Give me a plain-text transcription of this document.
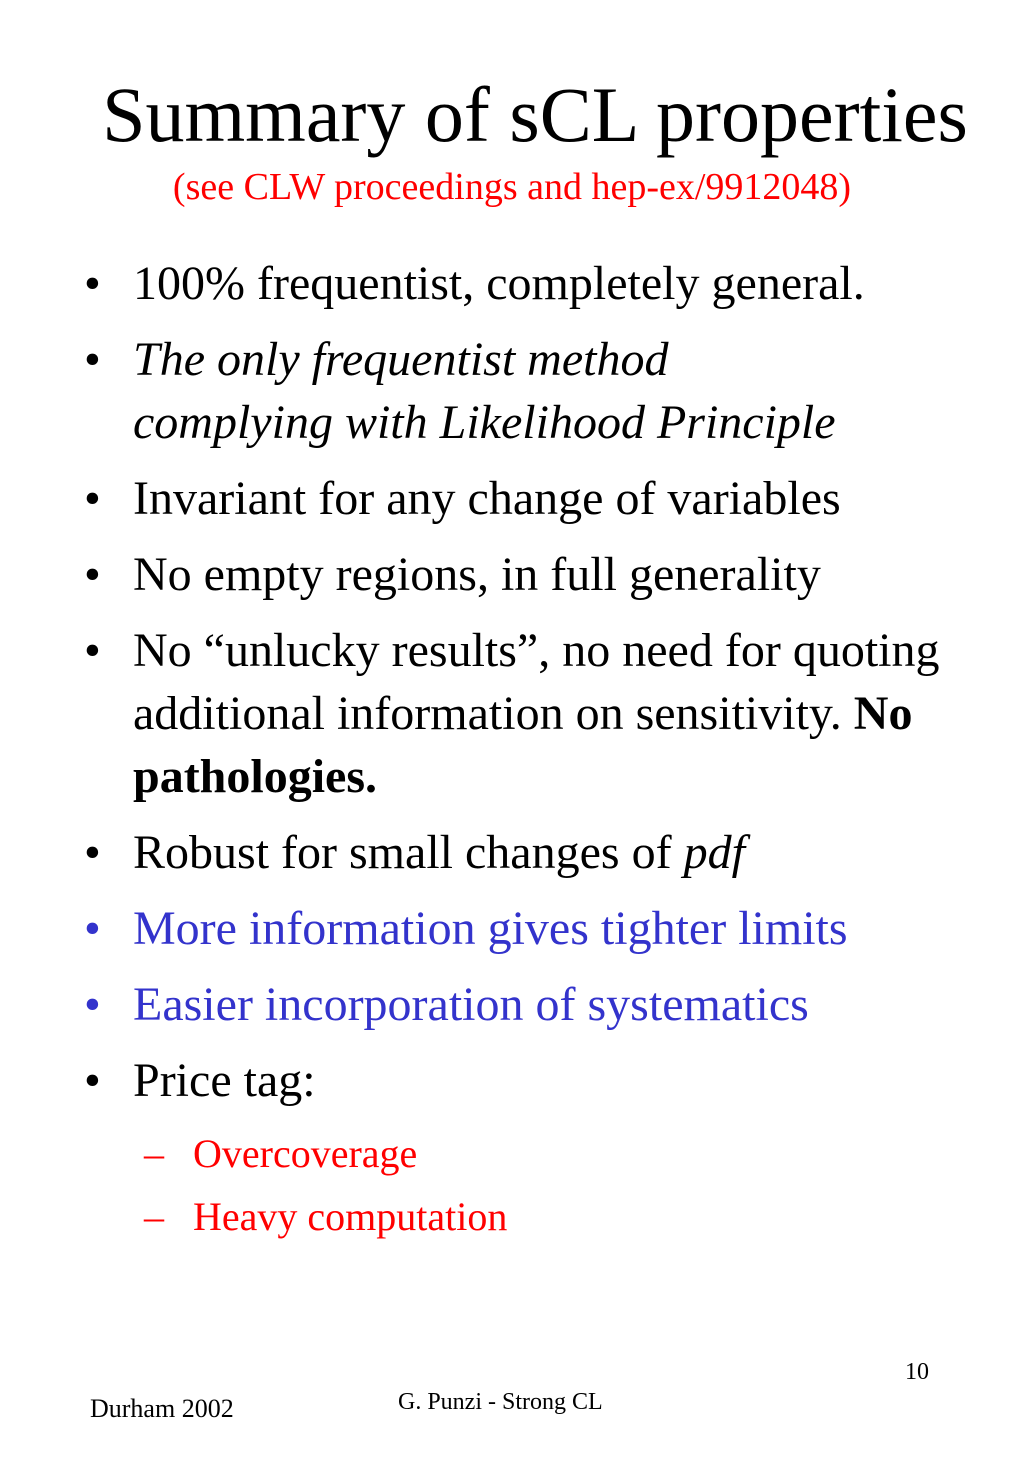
Summary of sCL properties
(see CLW proceedings and hep-ex/9912048)
• 100% frequentist, completely general.
• The only frequentist method
complying with Likelihood Principle
• Invariant for any change of variables
• No empty regions, in full generality
• No “unlucky results”, no need for quoting additional information on sensitivity. No pathologies.
• Robust for small changes of pdf
• More information gives tighter limits
• Easier incorporation of systematics
• Price tag:
– Overcoverage
– Heavy computation
10
Durham 2002	G. Punzi - Strong CL
